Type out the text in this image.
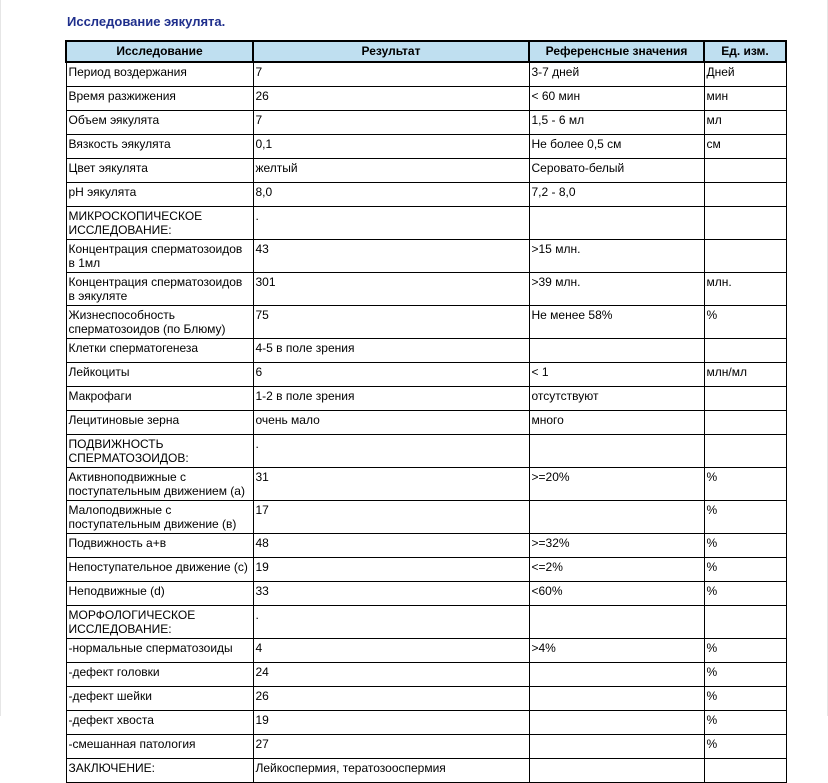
Исследование эякулята.
Исследование	Результат	Референсные значения	Ед. изм.
Период воздержания	7	3-7 дней	Дней
Время разжижения	26	< 60 мин	мин
Объем эякулята	7	1,5 - 6 мл	мл
Вязкость эякулята	0,1	Не более 0,5 см	см
Цвет эякулята	желтый	Серовато-белый	
pH эякулята	8,0	7,2 - 8,0	
МИКРОСКОПИЧЕСКОЕ ИССЛЕДОВАНИЕ:	.		
Концентрация сперматозоидов в 1мл	43	>15 млн.	
Концентрация сперматозоидов в эякуляте	301	>39 млн.	млн.
Жизнеспособность сперматозоидов (по Блюму)	75	Не менее 58%	%
Клетки сперматогенеза	4-5 в поле зрения		
Лейкоциты	6	< 1	млн/мл
Макрофаги	1-2 в поле зрения	отсутствуют	
Лецитиновые зерна	очень мало	много	
ПОДВИЖНОСТЬ СПЕРМАТОЗОИДОВ:	.		
Активноподвижные с поступательным движением (а)	31	>=20%	%
Малоподвижные с поступательным движение (в)	17		%
Подвижность а+в	48	>=32%	%
Непоступательное движение (с)	19	<=2%	%
Неподвижные (d)	33	<60%	%
МОРФОЛОГИЧЕСКОЕ ИССЛЕДОВАНИЕ:	.		
-нормальные сперматозоиды	4	>4%	%
-дефект головки	24		%
-дефект шейки	26		%
-дефект хвоста	19		%
-смешанная патология	27		%
ЗАКЛЮЧЕНИЕ:	Лейкоспермия, тератозооспермия		
